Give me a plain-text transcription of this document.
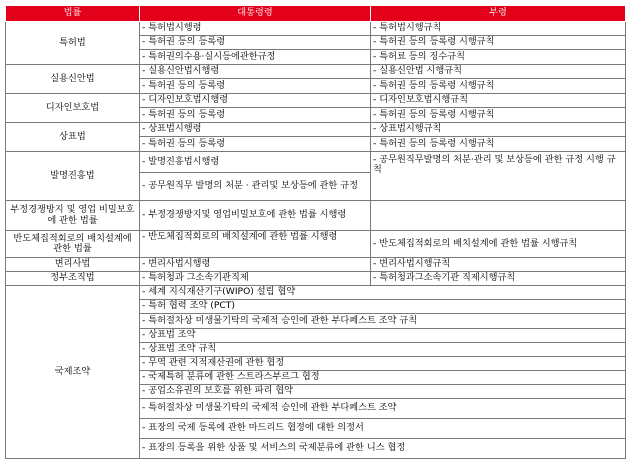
법률	대통령령	부령
특허법	- 특허법시행령	- 특허법시행규칙
	- 특허권 등의 등록령	- 특허권 등의 등록령 시행규칙
	- 특허권의수용·실시등에관한규정	- 특허료 등의 징수규칙
실용신안법	- 실용신안법시행령	- 실용신안법 시행규칙
	- 특허권 등의 등록령	- 특허권 등의 등록령 시행규칙
디자인보호법	- 디자인보호법시행령	- 디자인보호법시행규칙
	- 특허권 등의 등록령	- 특허권 등의 등록령 시행규칙
상표법	- 상표법시행령	- 상표법시행규칙
	- 특허권 등의 등록령	- 특허권 등의 등록령 시행규칙
발명진흥법	- 발명진흥법시행령	- 공무원직무발명의 처분·관리 및 보상등에 관한 규정 시행 규칙
	- 공무원직무 발명의 처분 · 관리및 보상등에 관한 규정	
부정경쟁방지 및 영업 비밀보호에 관한 법률	- 부정경쟁방지및 영업비밀보호에 관한 법률 시행령	
반도체집적회로의 배치설계에 관한 법률	- 반도체집적회로의 배치설계에 관한 법률 시행령	- 반도체집적회로의 배치설계에 관한 법률 시행규칙
변리사법	- 변리사법시행령	- 변리사법시행규칙
정부조직법	- 특허청과 그소속기관직제	- 특허청과그소속기관 직제시행규칙
국제조약	- 세계 지식재산기구(WIPO) 설립 협약	
	- 특허 협력 조약 (PCT)	
	- 특허절차상 미생물기탁의 국제적 승인에 관한 부다페스트 조약 규칙	
	- 상표법 조약	
	- 상표법 조약 규칙	
	- 무역 관련 지적재산권에 관한 협정	
	- 국제특허 분류에 관한 스트라스부르그 협정	
	- 공업소유권의 보호를 위한 파리 협약	
	- 특허절차상 미생물기탁의 국제적 승인에 관한 부다페스트 조약	
	- 표장의 국제 등록에 관한 마드리드 협정에 대한 의정서	
	- 표장의 등록을 위한 상품 및 서비스의 국제분류에 관한 니스 협정	
